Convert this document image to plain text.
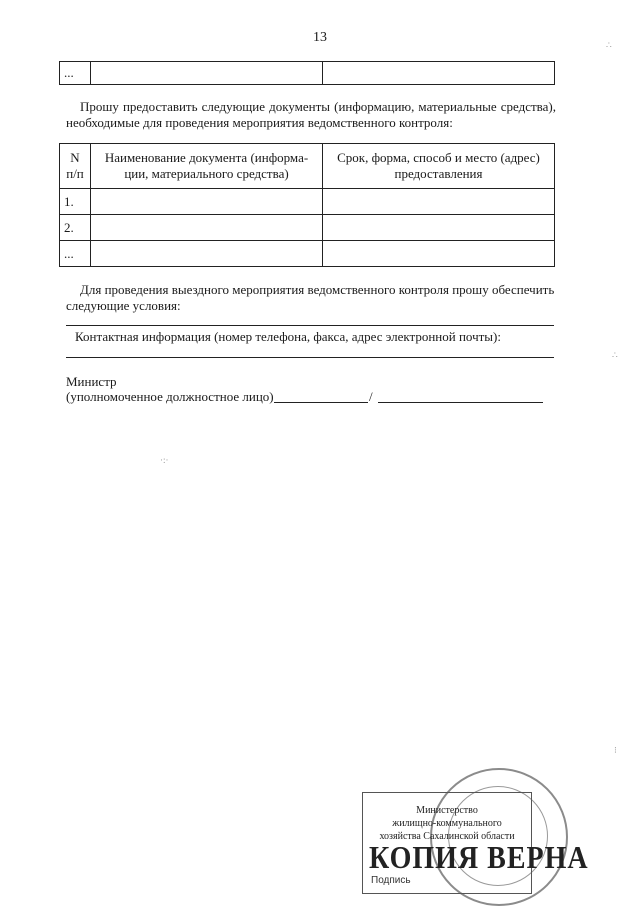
13
...		
Прошу предоставить следующие документы (информацию, материальные средства), необходимые для проведения мероприятия ведомственного контроля:
N п/п	Наименование документа (информа-ции, материального средства)	Срок, форма, способ и место (адрес) предоставления
1.		
2.		
...		
Для проведения выездного мероприятия ведомственного контроля прошу обеспечить следующие условия:
Контактная информация (номер телефона, факса, адрес электронной почты):
Министр
(уполномоченное должностное лицо)	/
Министерство
жилищно-коммунального
хозяйства Сахалинской области
КОПИЯ ВЕРНА
Подпись
∴
∴
⁝
·:·
